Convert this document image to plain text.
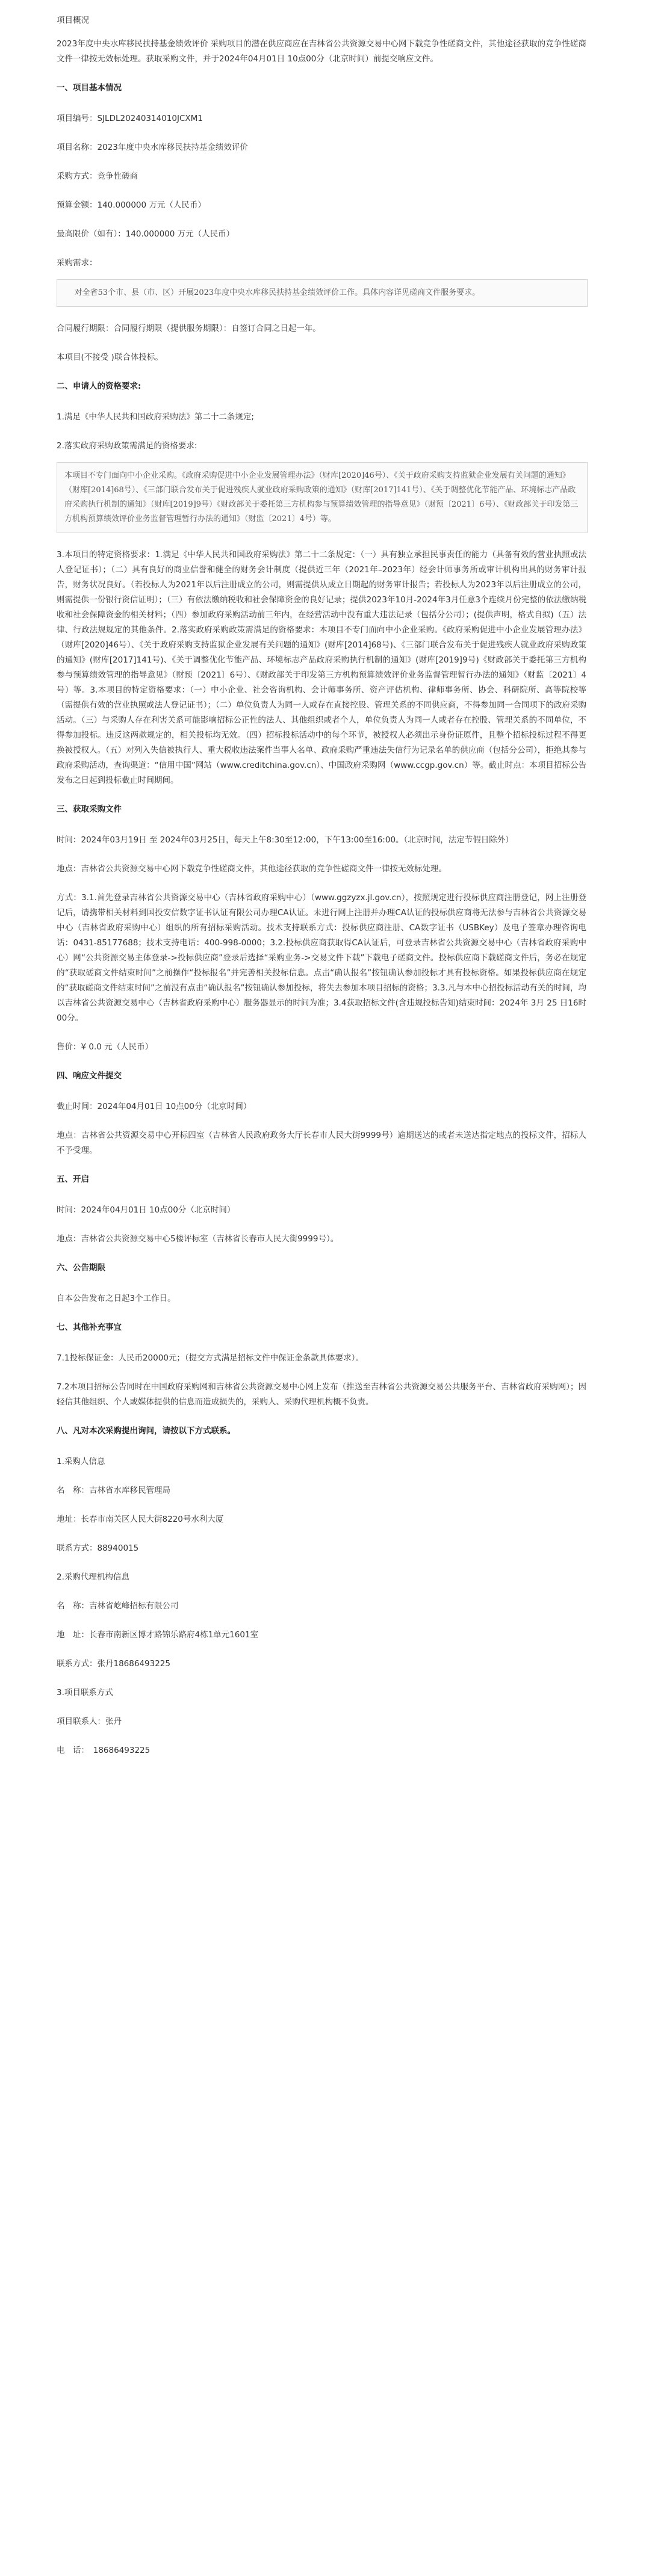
项目概况

2023年度中央水库移民扶持基金绩效评价 采购项目的潜在供应商应在吉林省公共资源交易中心网下载竞争性磋商文件，其他途径获取的竞争性磋商文件一律按无效标处理。获取采购文件，并于2024年04月01日 10点00分（北京时间）前提交响应文件。

一、项目基本情况

项目编号：SJLDL20240314010JCXM1

项目名称：2023年度中央水库移民扶持基金绩效评价

采购方式：竞争性磋商

预算金额：140.000000 万元（人民币）

最高限价（如有）：140.000000 万元（人民币）

采购需求：

对全省53个市、县（市、区）开展2023年度中央水库移民扶持基金绩效评价工作。具体内容详见磋商文件服务要求。

合同履行期限：合同履行期限（提供服务期限）：自签订合同之日起一年。

本项目(不接受 )联合体投标。

二、申请人的资格要求:

1.满足《中华人民共和国政府采购法》第二十二条规定;

2.落实政府采购政策需满足的资格要求:

本项目不专门面向中小企业采购。《政府采购促进中小企业发展管理办法》（财库[2020]46号）、《关于政府采购支持监狱企业发展有关问题的通知》（财库[2014]68号）、《三部门联合发布关于促进残疾人就业政府采购政策的通知》（财库[2017]141号）、《关于调整优化节能产品、环境标志产品政府采购执行机制的通知》（财库[2019]9号）《财政部关于委托第三方机构参与预算绩效管理的指导意见》（财预〔2021〕6号）、《财政部关于印发第三方机构预算绩效评价业务监督管理暂行办法的通知》（财监〔2021〕4号）等。

3.本项目的特定资格要求：1.满足《中华人民共和国政府采购法》第二十二条规定：（一）具有独立承担民事责任的能力（具备有效的营业执照或法人登记证书）；（二）具有良好的商业信誉和健全的财务会计制度（提供近三年（2021年–2023年）经会计师事务所或审计机构出具的财务审计报告，财务状况良好。（若投标人为2021年以后注册成立的公司，则需提供从成立日期起的财务审计报告；若投标人为2023年以后注册成立的公司，则需提供一份银行资信证明）；（三）有依法缴纳税收和社会保障资金的良好记录；提供2023年10月-2024年3月任意3个连续月份完整的依法缴纳税收和社会保障资金的相关材料；（四）参加政府采购活动前三年内，在经营活动中没有重大违法记录（包括分公司）；(提供声明，格式自拟)（五）法律、行政法规规定的其他条件。2.落实政府采购政策需满足的资格要求：本项目不专门面向中小企业采购。《政府采购促进中小企业发展管理办法》（财库[2020]46号）、《关于政府采购支持监狱企业发展有关问题的通知》(财库[2014]68号)、《三部门联合发布关于促进残疾人就业政府采购政策的通知》(财库[2017]141号)、《关于调整优化节能产品、环境标志产品政府采购执行机制的通知》(财库[2019]9号)《财政部关于委托第三方机构参与预算绩效管理的指导意见》（财预〔2021〕6号）、《财政部关于印发第三方机构预算绩效评价业务监督管理暂行办法的通知》（财监〔2021〕4号）等。3.本项目的特定资格要求：（一）中小企业、社会咨询机构、会计师事务所、资产评估机构、律师事务所、协会、科研院所、高等院校等（需提供有效的营业执照或法人登记证书）；（二）单位负责人为同一人或存在直接控股、管理关系的不同供应商，不得参加同一合同项下的政府采购活动。（三）与采购人存在利害关系可能影响招标公正性的法人、其他组织或者个人，单位负责人为同一人或者存在控股、管理关系的不同单位，不得参加投标。违反这两款规定的，相关投标均无效。（四）招标投标活动中的每个环节，被授权人必须出示身份证原件，且整个招标投标过程不得更换被授权人。（五）对列入失信被执行人、重大税收违法案件当事人名单、政府采购严重违法失信行为记录名单的供应商（包括分公司），拒绝其参与政府采购活动，查询渠道：“信用中国”网站（www.creditchina.gov.cn）、中国政府采购网（www.ccgp.gov.cn）等。截止时点：本项目招标公告发布之日起到投标截止时间期间。

三、获取采购文件

时间：2024年03月19日 至 2024年03月25日，每天上午8:30至12:00，下午13:00至16:00。（北京时间，法定节假日除外）

地点：吉林省公共资源交易中心网下载竞争性磋商文件，其他途径获取的竞争性磋商文件一律按无效标处理。

方式：3.1.首先登录吉林省公共资源交易中心（吉林省政府采购中心）（www.ggzyzx.jl.gov.cn），按照规定进行投标供应商注册登记，网上注册登记后，请携带相关材料到国投安信数字证书认证有限公司办理CA认证。未进行网上注册并办理CA认证的投标供应商将无法参与吉林省公共资源交易中心（吉林省政府采购中心）组织的所有招标采购活动。技术支持联系方式：投标供应商注册、CA数字证书（USBKey）及电子签章办理咨询电话：0431-85177688；技术支持电话：400-998-0000；3.2.投标供应商获取得CA认证后，可登录吉林省公共资源交易中心（吉林省政府采购中心）网“公共资源交易主体登录->投标供应商”登录后选择“采购业务->交易文件下载”下载电子磋商文件。投标供应商下载磋商文件后，务必在规定的“获取磋商文件结束时间”之前操作“投标报名”并完善相关投标信息。点击“确认报名”按钮确认参加投标才具有投标资格。如果投标供应商在规定的“获取磋商文件结束时间”之前没有点击“确认报名”按钮确认参加投标，将失去参加本项目招标的资格；3.3.凡与本中心招投标活动有关的时间，均以吉林省公共资源交易中心（吉林省政府采购中心）服务器显示的时间为准；3.4获取招标文件(含违规投标告知)结束时间：2024年 3月 25 日16时00分。

售价：¥ 0.0 元（人民币）

四、响应文件提交

截止时间：2024年04月01日 10点00分（北京时间）

地点：吉林省公共资源交易中心开标四室（吉林省人民政府政务大厅长春市人民大街9999号）逾期送达的或者未送达指定地点的投标文件，招标人不予受理。

五、开启

时间：2024年04月01日 10点00分（北京时间）

地点：吉林省公共资源交易中心5楼评标室（吉林省长春市人民大街9999号）。

六、公告期限

自本公告发布之日起3个工作日。

七、其他补充事宜

7.1投标保证金：人民币20000元；（提交方式满足招标文件中保证金条款具体要求）。

7.2本项目招标公告同时在中国政府采购网和吉林省公共资源交易中心网上发布（推送至吉林省公共资源交易公共服务平台、吉林省政府采购网）；因轻信其他组织、个人或媒体提供的信息而造成损失的，采购人、采购代理机构概不负责。

八、凡对本次采购提出询问，请按以下方式联系。

1.采购人信息

名　称：吉林省水库移民管理局

地址：长春市南关区人民大街8220号水利大厦

联系方式：88940015

2.采购代理机构信息

名　称：吉林省屹峰招标有限公司

地　址：长春市南新区博才路锦乐路府4栋1单元1601室

联系方式：张丹18686493225

3.项目联系方式

项目联系人：张丹

电　话：　18686493225
